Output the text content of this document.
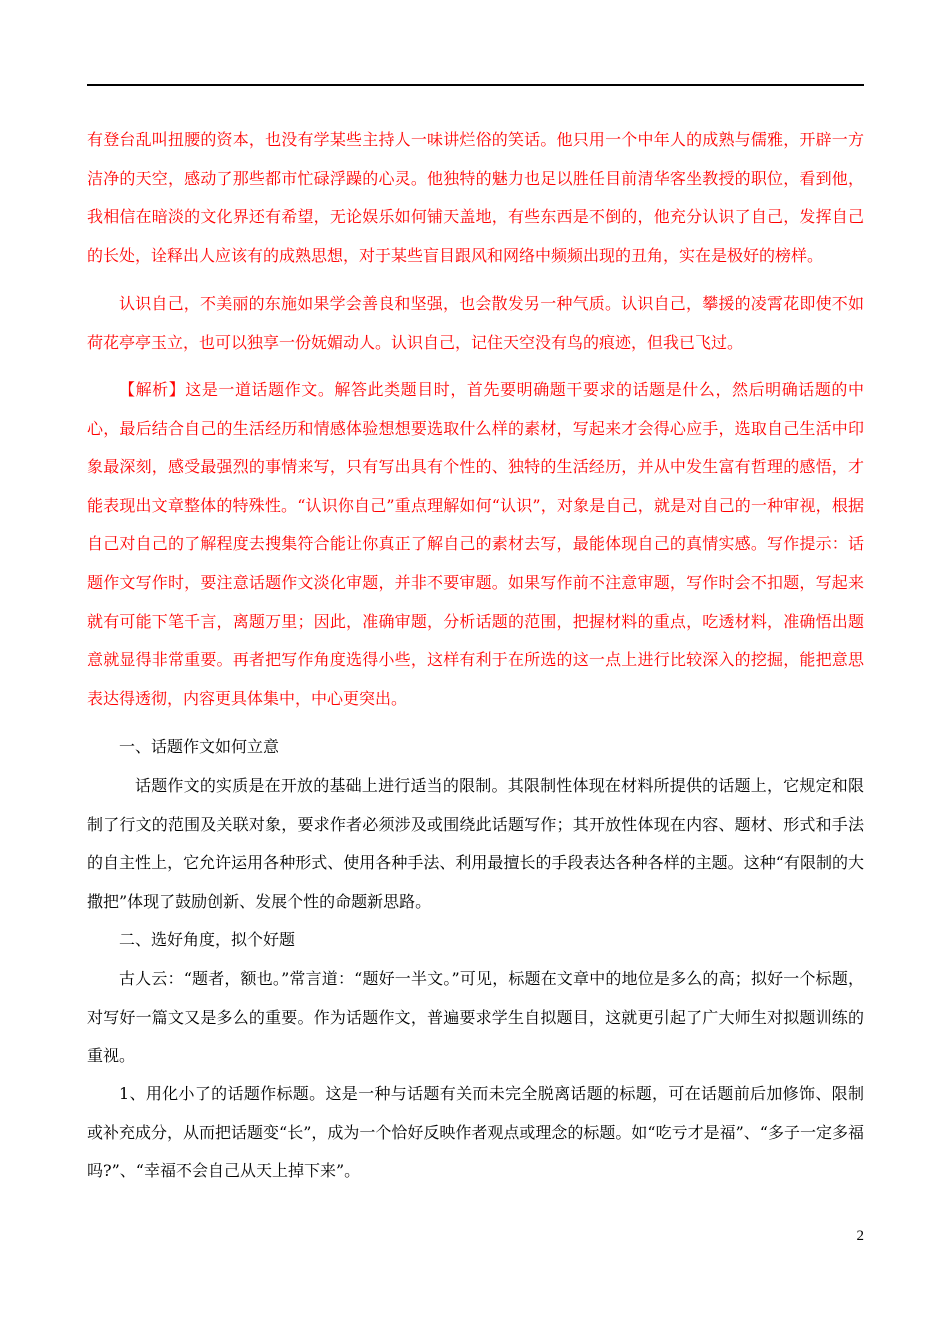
有登台乱叫扭腰的资本，也没有学某些主持人一味讲烂俗的笑话。他只用一个中年人的成熟与儒雅，开辟一方洁净的天空，感动了那些都市忙碌浮躁的心灵。他独特的魅力也足以胜任目前清华客坐教授的职位，看到他，我相信在暗淡的文化界还有希望，无论娱乐如何铺天盖地，有些东西是不倒的，他充分认识了自己，发挥自己的长处，诠释出人应该有的成熟思想，对于某些盲目跟风和网络中频频出现的丑角，实在是极好的榜样。

认识自己，不美丽的东施如果学会善良和坚强，也会散发另一种气质。认识自己，攀援的凌霄花即使不如荷花亭亭玉立，也可以独享一份妩媚动人。认识自己，记住天空没有鸟的痕迹，但我已飞过。

【解析】这是一道话题作文。解答此类题目时，首先要明确题干要求的话题是什么，然后明确话题的中心，最后结合自己的生活经历和情感体验想想要选取什么样的素材，写起来才会得心应手，选取自己生活中印象最深刻，感受最强烈的事情来写，只有写出具有个性的、独特的生活经历，并从中发生富有哲理的感悟，才能表现出文章整体的特殊性。“认识你自己”重点理解如何“认识”，对象是自己，就是对自己的一种审视，根据自己对自己的了解程度去搜集符合能让你真正了解自己的素材去写，最能体现自己的真情实感。写作提示：话题作文写作时，要注意话题作文淡化审题，并非不要审题。如果写作前不注意审题，写作时会不扣题，写起来就有可能下笔千言，离题万里；因此，准确审题，分析话题的范围，把握材料的重点，吃透材料，准确悟出题意就显得非常重要。再者把写作角度选得小些，这样有利于在所选的这一点上进行比较深入的挖掘，能把意思表达得透彻，内容更具体集中，中心更突出。

一、话题作文如何立意

话题作文的实质是在开放的基础上进行适当的限制。其限制性体现在材料所提供的话题上，它规定和限制了行文的范围及关联对象，要求作者必须涉及或围绕此话题写作；其开放性体现在内容、题材、形式和手法的自主性上，它允许运用各种形式、使用各种手法、利用最擅长的手段表达各种各样的主题。这种“有限制的大撒把”体现了鼓励创新、发展个性的命题新思路。

二、选好角度，拟个好题

古人云：“题者，额也。”常言道：“题好一半文。”可见，标题在文章中的地位是多么的高；拟好一个标题，对写好一篇文又是多么的重要。作为话题作文，普遍要求学生自拟题目，这就更引起了广大师生对拟题训练的重视。

1、用化小了的话题作标题。这是一种与话题有关而未完全脱离话题的标题，可在话题前后加修饰、限制或补充成分，从而把话题变“长”，成为一个恰好反映作者观点或理念的标题。如“吃亏才是福”、“多子一定多福吗?”、“幸福不会自己从天上掉下来”。

2
